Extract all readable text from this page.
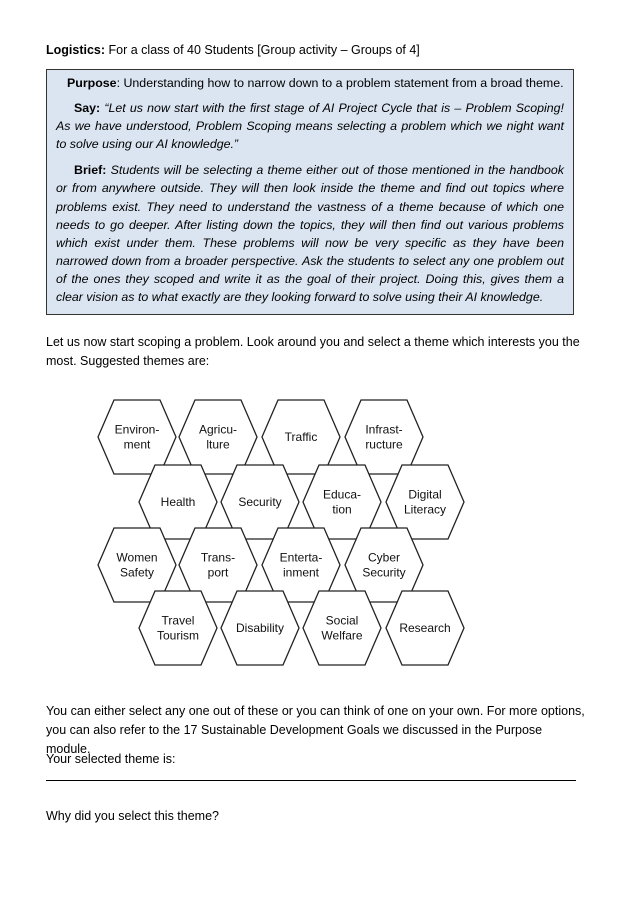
Logistics: For a class of 40 Students [Group activity – Groups of 4]

Purpose: Understanding how to narrow down to a problem statement from a broad theme.

Say: “Let us now start with the first stage of AI Project Cycle that is – Problem Scoping! As we have understood, Problem Scoping means selecting a problem which we night want to solve using our AI knowledge.”

Brief: Students will be selecting a theme either out of those mentioned in the handbook or from anywhere outside. They will then look inside the theme and find out topics where problems exist. They need to understand the vastness of a theme because of which one needs to go deeper. After listing down the topics, they will then find out various problems which exist under them. These problems will now be very specific as they have been narrowed down from a broader perspective. Ask the students to select any one problem out of the ones they scoped and write it as the goal of their project. Doing this, gives them a clear vision as to what exactly are they looking forward to solve using their AI knowledge.

Let us now start scoping a problem. Look around you and select a theme which interests you the most. Suggested themes are:
Environ-
ment
Agricu-
lture
Traffic
Infrast-
ructure
Health	Security
Educa-
tion
Digital
Literacy
Women
Safety
Trans-
port
Enterta-
inment
Cyber
Security
Travel
Tourism
Disability
Social
Welfare
Research
You can either select any one out of these or you can think of one on your own. For more options, you can also refer to the 17 Sustainable Development Goals we discussed in the Purpose module.
Your selected theme is:
Why did you select this theme?
